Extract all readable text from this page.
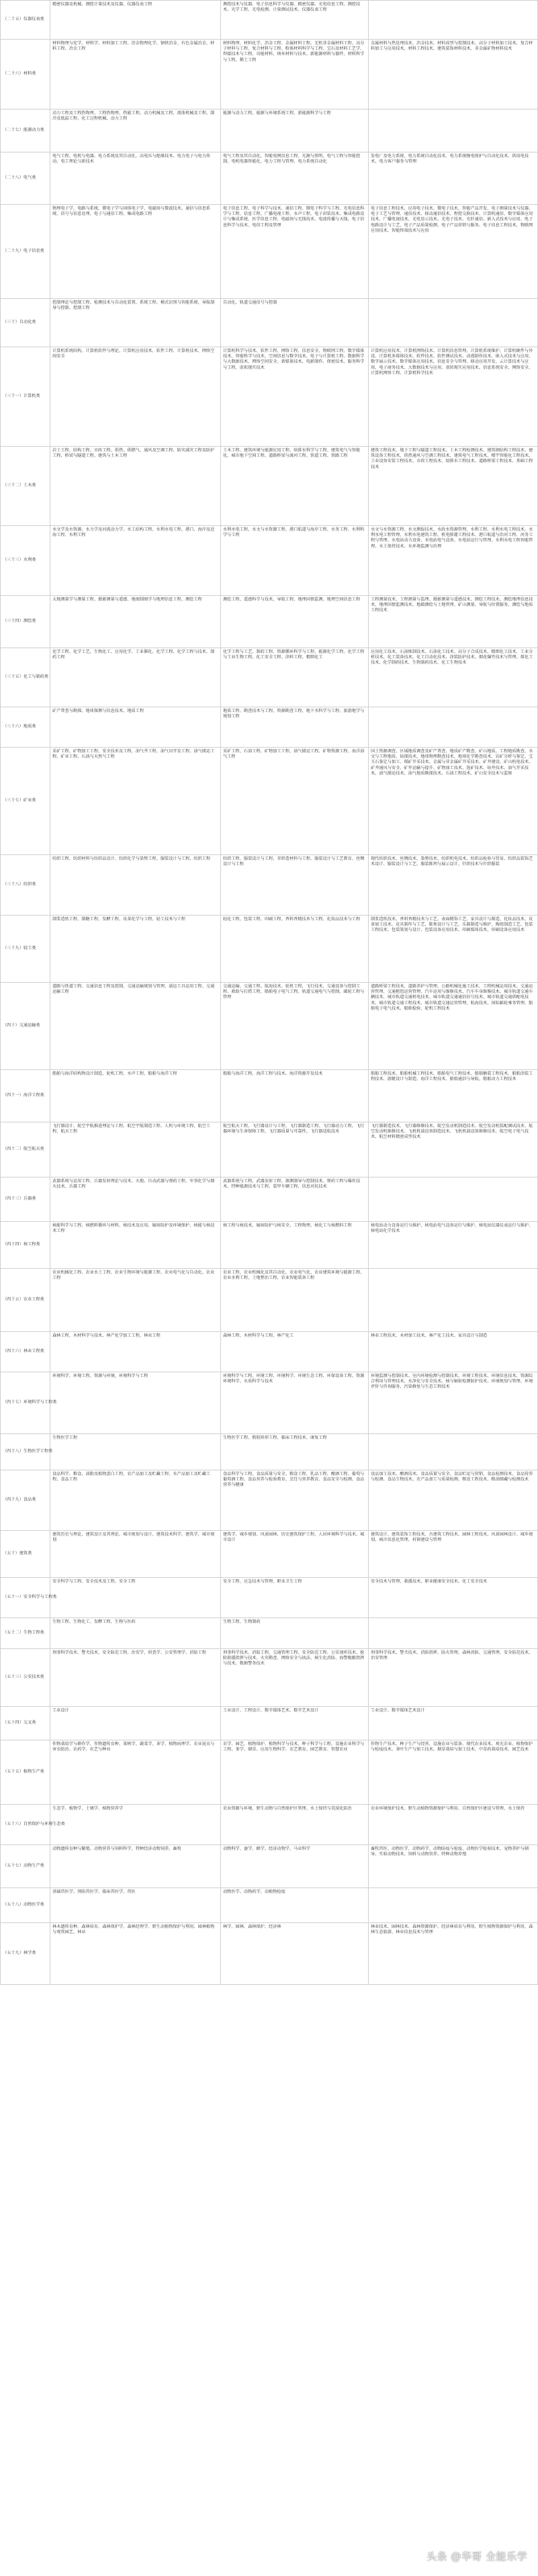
（二十五）仪器仪表类	精密仪器及机械、测控计量技术及仪器、仪器仪表工程	测控技术与仪器、电子信息科学与仪器、精密仪器、光电信息工程、测控技术、光学工程、光电检测、计量测试技术、仪器仪表工程	
（二十六）材料类	材料物理与化学、材料学、材料加工工程、冶金物理化学、钢铁冶金、有色金属冶金、材料工程、冶金工程	材料物理、材料化学、冶金工程、金属材料工程、无机非金属材料工程、高分子材料与工程、复合材料与工程、粉体材料科学与工程、宝石及材料工艺学、焊接技术与工程、功能材料、纳米材料与技术、新能源材料与器件、材料科学与工程、稀土工程	金属材料与热处理技术、冶金技术、材料成型与控制技术、高分子材料加工技术、复合材料加工与应用技术、材料工程技术、建筑装饰材料技术、非金属矿物材料技术
（二十七）能源动力类	动力工程及工程热物理、工程热物理、热能工程、动力机械及工程、流体机械及工程、制冷及低温工程、化工过程机械、动力工程	能源与动力工程、能源与环境系统工程、新能源科学与工程	
（二十八）电气类	电气工程、电机与电器、电力系统及其自动化、高电压与绝缘技术、电力电子与电力传动、电工理论与新技术	电气工程及其自动化、智能电网信息工程、光源与照明、电气工程与智能控制、电机电器智能化、电力工程与管理、电力系统自动化	发电厂及电力系统、电力系统自动化技术、电力系统继电保护与自动化技术、供用电技术、电力客户服务与管理
（二十九）电子信息类	物理电子学、电路与系统、微电子学与固体电子学、电磁场与微波技术、通信与信息系统、信号与信息处理、电子与通信工程、集成电路工程	电子信息工程、电子科学与技术、通信工程、微电子科学与工程、光电信息科学与工程、信息工程、广播电视工程、水声工程、电子封装技术、集成电路设计与集成系统、医学信息工程、电磁场与无线技术、电波传播与天线、电子信息科学与技术、电信工程及管理	电子信息工程技术、应用电子技术、微电子技术、智能产品开发、电子测量技术与仪器、电子工艺与管理、通信技术、移动通信技术、程控交换技术、计算机通信、数字媒体应用技术、广播电视技术、光电显示技术、光电子技术、光纤通信、嵌入式技术与应用、电子电路设计与工艺、电子产品质量检测、电子产品营销与服务、电子信息工程技术、物联网应用技术、智能终端技术与应用
（三十）自动化类	控制理论与控制工程、检测技术与自动化装置、系统工程、模式识别与智能系统、导航制导与控制、控制工程	自动化、轨道交通信号与控制	
（三十一）计算机类	计算机系统结构、计算机软件与理论、计算机应用技术、软件工程、计算机技术、网络空间安全	计算机科学与技术、软件工程、网络工程、信息安全、物联网工程、数字媒体技术、智能科学与技术、空间信息与数字技术、电子与计算机工程、数据科学与大数据技术、网络空间安全、新媒体技术、电影制作、保密技术、服务科学与工程、虚拟现实技术	计算机应用技术、计算机网络技术、计算机信息管理、计算机系统维护、计算机硬件与外设、计算机多媒体技术、软件技术、软件测试技术、动漫制作技术、嵌入式技术与应用、数字展示技术、数字媒体应用技术、信息安全与管理、移动应用开发、云计算技术与应用、电子商务技术、大数据技术与应用、虚拟现实应用技术、信息系统安全、网络安全、计算机网络工程、计算机科学技术
（三十二）土木类	岩土工程、结构工程、市政工程、供热、供燃气、通风及空调工程、防灾减灾工程及防护工程、桥梁与隧道工程、建筑与土木工程	土木工程、建筑环境与能源应用工程、给排水科学与工程、建筑电气与智能化、城市地下空间工程、道路桥梁与渡河工程、铁道工程、铁路工程	建筑工程技术、地下工程与隧道工程技术、土木工程检测技术、建筑钢结构工程技术、建筑设备工程技术、供热通风与空调工程技术、建筑电气工程技术、楼宇智能化工程技术、工业设备安装工程技术、市政工程技术、给排水工程技术、道路桥梁工程技术、基础工程技术
（三十三）水利类	水文学及水资源、水力学及河流动力学、水工结构工程、水利水电工程、港口、海岸及近海工程、水利工程	水利水电工程、水文与水资源工程、港口航道与海岸工程、水务工程、水利科学与工程	水文与水资源工程、水文测报技术、水政水资源管理、水利工程、水利水电工程技术、水利水电工程管理、水利水电建筑工程、机电排灌工程技术、港口航道与治河工程、河务工程与管理、水电站动力设备、水电站电气设备、水电站运行与管理、水利水电工程智能管理、水土保持技术、水环境监测与治理
（三十四）测绘类	大地测量学与测量工程、摄影测量与遥感、地图制图学与地理信息工程、测绘工程	测绘工程、遥感科学与技术、导航工程、地理国情监测、地理空间信息工程	工程测量技术、工程测量与监理、摄影测量与遥感技术、测绘工程技术、测绘地理信息技术、地理国情监测技术、地籍测绘与土地管理、矿山测量、导航与位置服务、测绘与地质工程技术
（三十五）化工与制药类	化学工程、化学工艺、生物化工、应用化学、工业催化、化学工程、化学工程与技术、制药工程	化学工程与工艺、制药工程、资源循环科学与工程、能源化学工程、化学工程与工业生物工程、化工安全工程、涂料工程、精细化工	应用化工技术、石油炼制技术、石油化工技术、高分子合成技术、精细化工技术、工业分析技术、化工装备技术、化工自动化技术、涂装防护技术、烟花爆竹技术与管理、煤化工技术、化学制药技术、生物制药技术、化工生物技术
（三十六）地质类	矿产普查与勘探、地球探测与信息技术、地质工程	地质工程、勘查技术与工程、资源勘查工程、地下水科学与工程、旅游地学与规划工程	
（三十七）矿业类	采矿工程、矿物加工工程、安全技术及工程、油气井工程、油气田开发工程、油气储运工程、矿业工程、石油与天然气工程	采矿工程、石油工程、矿物加工工程、油气储运工程、矿物资源工程、海洋油气工程	国土资源调查、区域地质调查及矿产普查、地质矿产勘查、矿山地质、工程地质勘查、水文与工程地质、钻探技术、地球物理勘查技术、地球化学勘查技术、岩矿分析与鉴定、宝玉石鉴定与加工、煤矿开采技术、金属与非金属矿开采技术、矿井建设、矿山机电技术、矿井通风与安全、矿井运输与提升、矿物加工技术、选矿技术、钻井技术、油气开采技术、油气储运技术、油气地质勘探技术、石油工程技术、矿山安全技术与监察
（三十八）纺织类	纺织工程、纺织材料与纺织品设计、纺织化学与染整工程、服装设计与工程、纺织工程	纺织工程、服装设计与工程、非织造材料与工程、服装设计与工艺教育、丝绸设计与工程	现代纺织技术、丝绸技术、染整技术、纺织机电技术、纺织品检验与贸易、纺织品装饰艺术设计、服装设计与工艺、服装陈列与展示设计、针织技术与针织服装
（三十九）轻工类	制浆造纸工程、制糖工程、发酵工程、皮革化学与工程、轻工技术与工程	轻化工程、包装工程、印刷工程、香料香精技术与工程、化妆品技术与工程	制浆造纸技术、香料香精技术与工艺、表面精饰工艺、家具设计与制造、化妆品技术、皮革加工技术、皮具制作与工艺、鞋类设计与工艺、乐器制造与维护、陶瓷制造工艺、包装工程技术、包装策划与设计、包装设备应用技术、印刷媒体技术、印刷设备应用技术
（四十）交通运输类	道路与铁道工程、交通信息工程及控制、交通运输规划与管理、载运工具运用工程、交通运输工程	交通运输、交通工程、航海技术、轮机工程、飞行技术、交通设备与控制工程、救助与打捞工程、船舶电子电气工程、轨道交通电气与控制、邮轮工程与管理	道路桥梁工程技术、道路养护与管理、公路机械化施工技术、工程机械运用技术、交通运营管理、交通枢纽运营管理、汽车运用与维修技术、汽车车身维修技术、城市轨道交通车辆技术、城市轨道交通机电技术、城市轨道交通通信信号技术、城市轨道交通供配电技术、城市轨道交通工程技术、城市轨道交通运营管理、航海技术、国际邮轮乘务管理、船舶电子电气技术、船舶检验、轮机工程技术
（四十一）海洋工程类	船舶与海洋结构物设计制造、轮机工程、水声工程、船舶与海洋工程	船舶与海洋工程、海洋工程与技术、海洋资源开发技术	船舶工程技术、船舶机械工程技术、船舶电气工程技术、船舶舾装工程技术、船舶涂装工程技术、游艇设计与制造、海洋工程技术、船舶通信与导航、船舶动力工程技术
（四十二）航空航天类	飞行器设计、航空宇航推进理论与工程、航空宇航制造工程、人机与环境工程、航空工程、航天工程	航空航天工程、飞行器设计与工程、飞行器制造工程、飞行器动力工程、飞行器环境与生命保障工程、飞行器质量与可靠性、飞行器适航技术	飞行器制造技术、飞行器维修技术、航空发动机制造技术、航空发动机装配调试技术、航空发动机维修技术、飞机机载设备制造技术、飞机机载设备维修技术、航空电子电气技术、航空材料精密成型技术
（四十三）兵器类	武器系统与运用工程、兵器发射理论与技术、火炮、自动武器与弹药工程、军事化学与烟火技术、兵器工程	武器系统与工程、武器发射工程、探测制导与控制技术、弹药工程与爆炸技术、特种能源技术与工程、装甲车辆工程、信息对抗技术	
（四十四）核工程类	核能科学与工程、核燃料循环与材料、核技术及应用、辐射防护及环境保护、核能与核技术工程	核工程与核技术、辐射防护与核安全、工程物理、核化工与核燃料工程	核电站动力设备运行与维护、核电站电气设备运行与维护、核电站仪器仪表运行与维护、核电站化学技术
（四十五）农业工程类	农业机械化工程、农业水土工程、农业生物环境与能源工程、农业电气化与自动化、农业工程	农业工程、农业机械化及其自动化、农业电气化、农业建筑环境与能源工程、农业水利工程、土地整治工程、农业智能装备工程	
（四十六）林业工程类	森林工程、木材科学与技术、林产化学加工工程、林业工程	森林工程、木材科学与工程、林产化工	林业工程技术、木材加工技术、林产化工技术、家具设计与制造
（四十七）环境科学与工程类	环境科学、环境工程、资源与环境、环境科学与工程	环境科学与工程、环境工程、环境科学、环境生态工程、环保设备工程、资源环境科学、水质科学与技术	环境监测与控制技术、室内环境检测与控制技术、环境工程技术、环境信息技术、资源综合利用与管理技术、水净化与安全技术、核与辐射检测防护技术、环境规划与管理、环境评价与咨询服务、污染修复与生态工程技术
（四十八）生物医学工程类	生物医学工程	生物医学工程、假肢矫形工程、临床工程技术、康复工程	
（四十九）食品类	食品科学、粮食、油脂及植物蛋白工程、农产品加工及贮藏工程、水产品加工及贮藏工程、食品工程	食品科学与工程、食品质量与安全、粮食工程、乳品工程、酿酒工程、葡萄与葡萄酒工程、食品营养与检验教育、烹饪与营养教育、食品安全与检测、食品营养与健康	食品加工技术、酿酒技术、食品质量与安全、食品贮运与营销、食品检测技术、食品营养与检测、食品生物技术、农产品加工与质量检测、粮食工程技术、粮油储藏与检测技术
（五十）建筑类	建筑历史与理论、建筑设计及其理论、城市规划与设计、建筑技术科学、建筑学、城市规划	建筑学、城乡规划、风景园林、历史建筑保护工程、人居环境科学与技术、城市设计	建筑设计、建筑装饰工程技术、古建筑工程技术、园林工程技术、风景园林设计、城乡规划、城市信息化管理、村镇建设与管理
（五十一）安全科学与工程类	安全科学与工程、安全技术及工程、安全工程	安全工程、应急技术与管理、职业卫生工程	安全技术与管理、救援技术、职业健康安全技术、化工安全技术
（五十二）生物工程类	生物工程、生物化工、发酵工程、生物与医药	生物工程、生物制药	
（五十三）公安技术类	刑事科学技术、警犬技术、安全防范工程、治安学、侦查学、公安管理学、消防工程	刑事科学技术、消防工程、交通管理工程、安全防范工程、公安视听技术、抢险救援指挥与技术、火灾勘查、网络安全与执法、核生化消防、海警舰艇指挥与技术、数据警务技术	刑事科学技术、警犬技术、消防指挥、防火管理、森林消防、交通管理、安全防范技术、治安管理
（五十四）交叉类	工业设计	工业设计、工程设计、数字媒体艺术、数字艺术设计	工业设计、数字媒体艺术设计
（五十五）植物生产类	作物栽培学与耕作学、作物遗传育种、果树学、蔬菜学、茶学、植物病理学、农业昆虫与害虫防治、农药学、农艺与种业	农学、园艺、植物保护、植物科学与技术、种子科学与工程、设施农业科学与工程、茶学、烟草、应用生物科学、农艺教育、园艺教育、智慧农业	作物生产技术、种子生产与经营、设施农业与装备、现代农业技术、观光农业、植物保护与检疫技术、茶叶生产与加工技术、烟草栽培与加工技术、中草药栽培技术、园艺技术
（五十六）自然保护与环境生态类	生态学、植物学、土壤学、植物营养学	农业资源与环境、野生动物与自然保护区管理、水土保持与荒漠化防治	农业环境保护技术、野生动植物资源保护与利用、自然保护区建设与管理、水土保持
（五十七）动物生产类	动物遗传育种与繁殖、动物营养与饲料科学、特种经济动物饲养、畜牧	动物科学、蚕学、蜂学、经济动物学、马业科学	畜牧兽医、动物医学、动物药学、动物防疫与检疫、动物医学检验技术、宠物养护与驯导、实验动物技术、饲料与动物营养、特种动物养殖
（五十八）动物医学类	基础兽医学、预防兽医学、临床兽医学、兽医	动物医学、动物药学、动植物检疫	
（五十九）林学类	林木遗传育种、森林培育、森林保护学、森林经理学、野生动植物保护与利用、园林植物与观赏园艺、林业	林学、园林、森林保护、经济林	林业技术、园林技术、森林资源保护、经济林培育与利用、野生植物资源保护与利用、森林生态旅游、林业信息技术与管理
头条 @华哥 全能乐学
